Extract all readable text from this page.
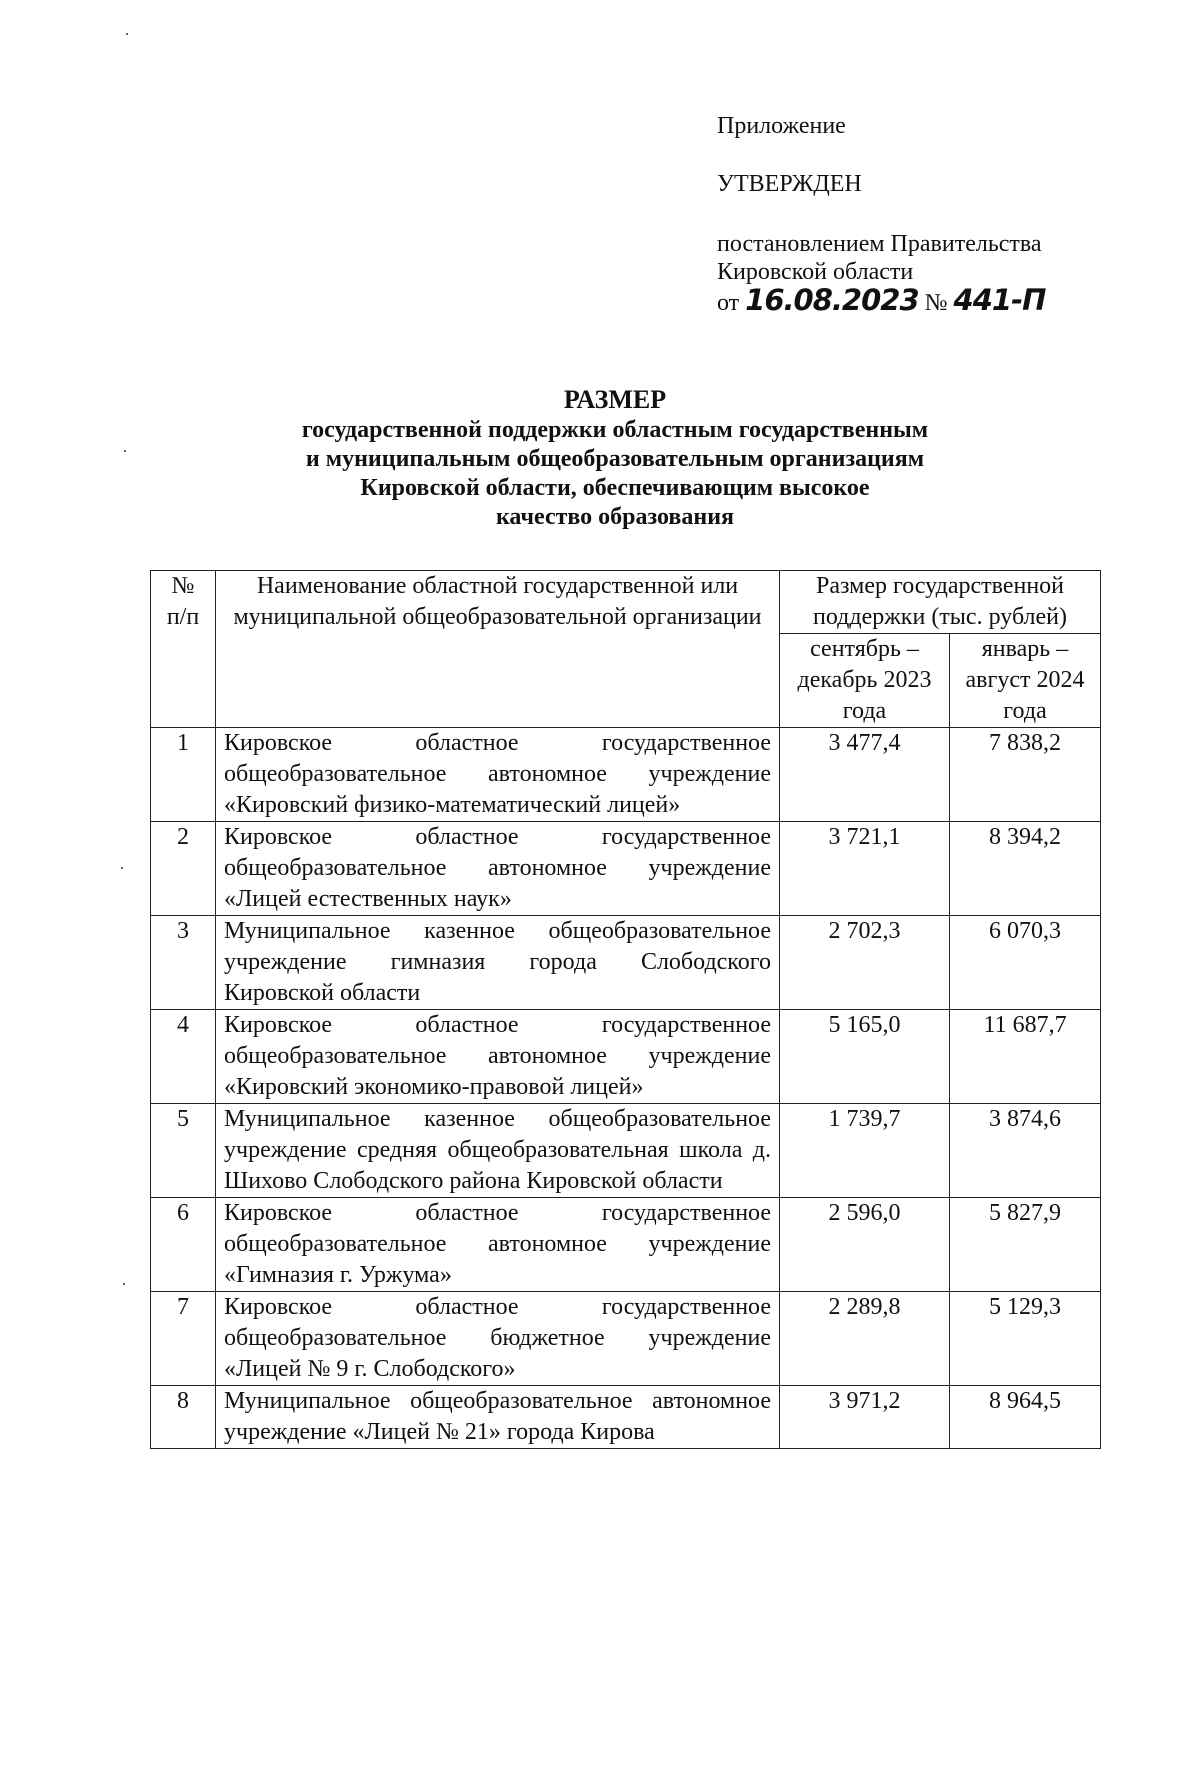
Приложение
УТВЕРЖДЕН
постановлением Правительства
Кировской области
от 16.08.2023 № 441-П
РАЗМЕР
государственной поддержки областным государственным
и муниципальным общеобразовательным организациям
Кировской области, обеспечивающим высокое
качество образования
№ п/п	Наименование областной государственной или муниципальной общеобразовательной организации	Размер государственной поддержки (тыс. рублей)	
		сентябрь – декабрь 2023 года	январь – август 2024 года
1	Кировское областное государственное общеобразовательное автономное учреждение «Кировский физико-математический лицей»	3 477,4	7 838,2
2	Кировское областное государственное общеобразовательное автономное учреждение «Лицей естественных наук»	3 721,1	8 394,2
3	Муниципальное казенное общеобразовательное учреждение гимназия города Слободского Кировской области	2 702,3	6 070,3
4	Кировское областное государственное общеобразовательное автономное учреждение «Кировский экономико-правовой лицей»	5 165,0	11 687,7
5	Муниципальное казенное общеобразовательное учреждение средняя общеобразовательная школа д. Шихово Слободского района Кировской области	1 739,7	3 874,6
6	Кировское областное государственное общеобразовательное автономное учреждение «Гимназия г. Уржума»	2 596,0	5 827,9
7	Кировское областное государственное общеобразовательное бюджетное учреждение «Лицей № 9 г. Слободского»	2 289,8	5 129,3
8	Муниципальное общеобразовательное автономное учреждение «Лицей № 21» города Кирова	3 971,2	8 964,5
